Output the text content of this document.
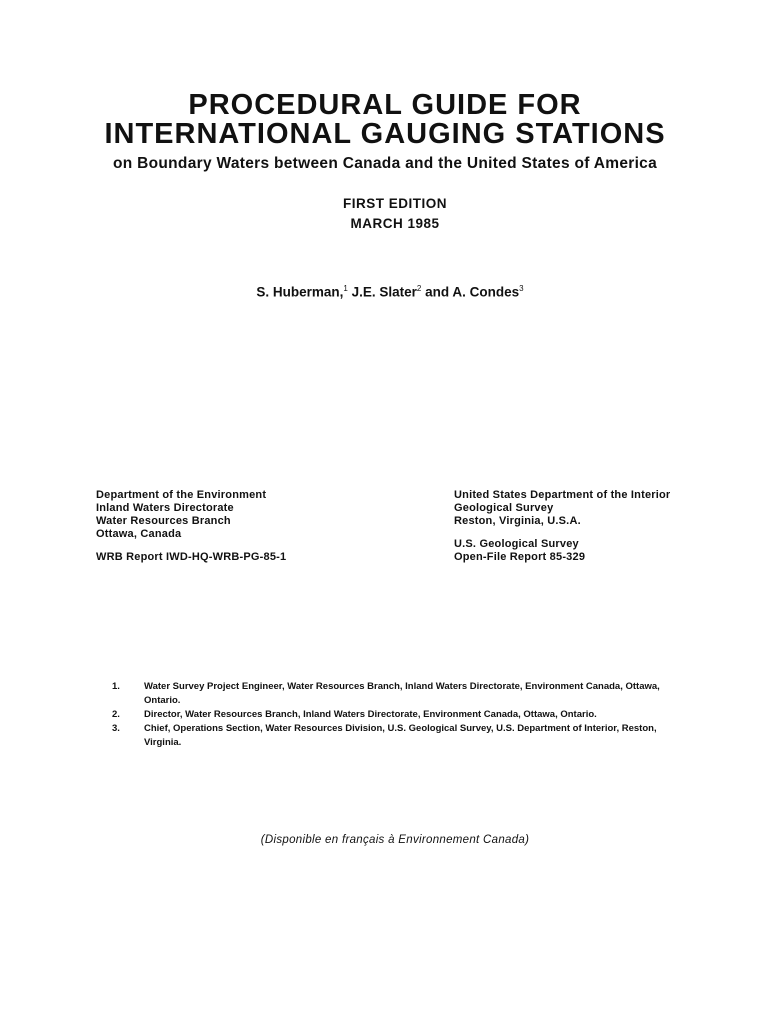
PROCEDURAL GUIDE FOR
INTERNATIONAL GAUGING STATIONS
on Boundary Waters between Canada and the United States of America
FIRST EDITION
MARCH 1985
S. Huberman,$^1$ J.E. Slater$^2$ and A. Condes$^3$
Department of the Environment
Inland Waters Directorate
Water Resources Branch
Ottawa, Canada
WRB Report IWD-HQ-WRB-PG-85-1
United States Department of the Interior
Geological Survey
Reston, Virginia, U.S.A.
U.S. Geological Survey
Open-File Report 85-329
1.	Water Survey Project Engineer, Water Resources Branch, Inland Waters Directorate, Environment Canada, Ottawa, Ontario.
2.	Director, Water Resources Branch, Inland Waters Directorate, Environment Canada, Ottawa, Ontario.
3.	Chief, Operations Section, Water Resources Division, U.S. Geological Survey, U.S. Department of Interior, Reston, Virginia.
(Disponible en français à Environnement Canada)
